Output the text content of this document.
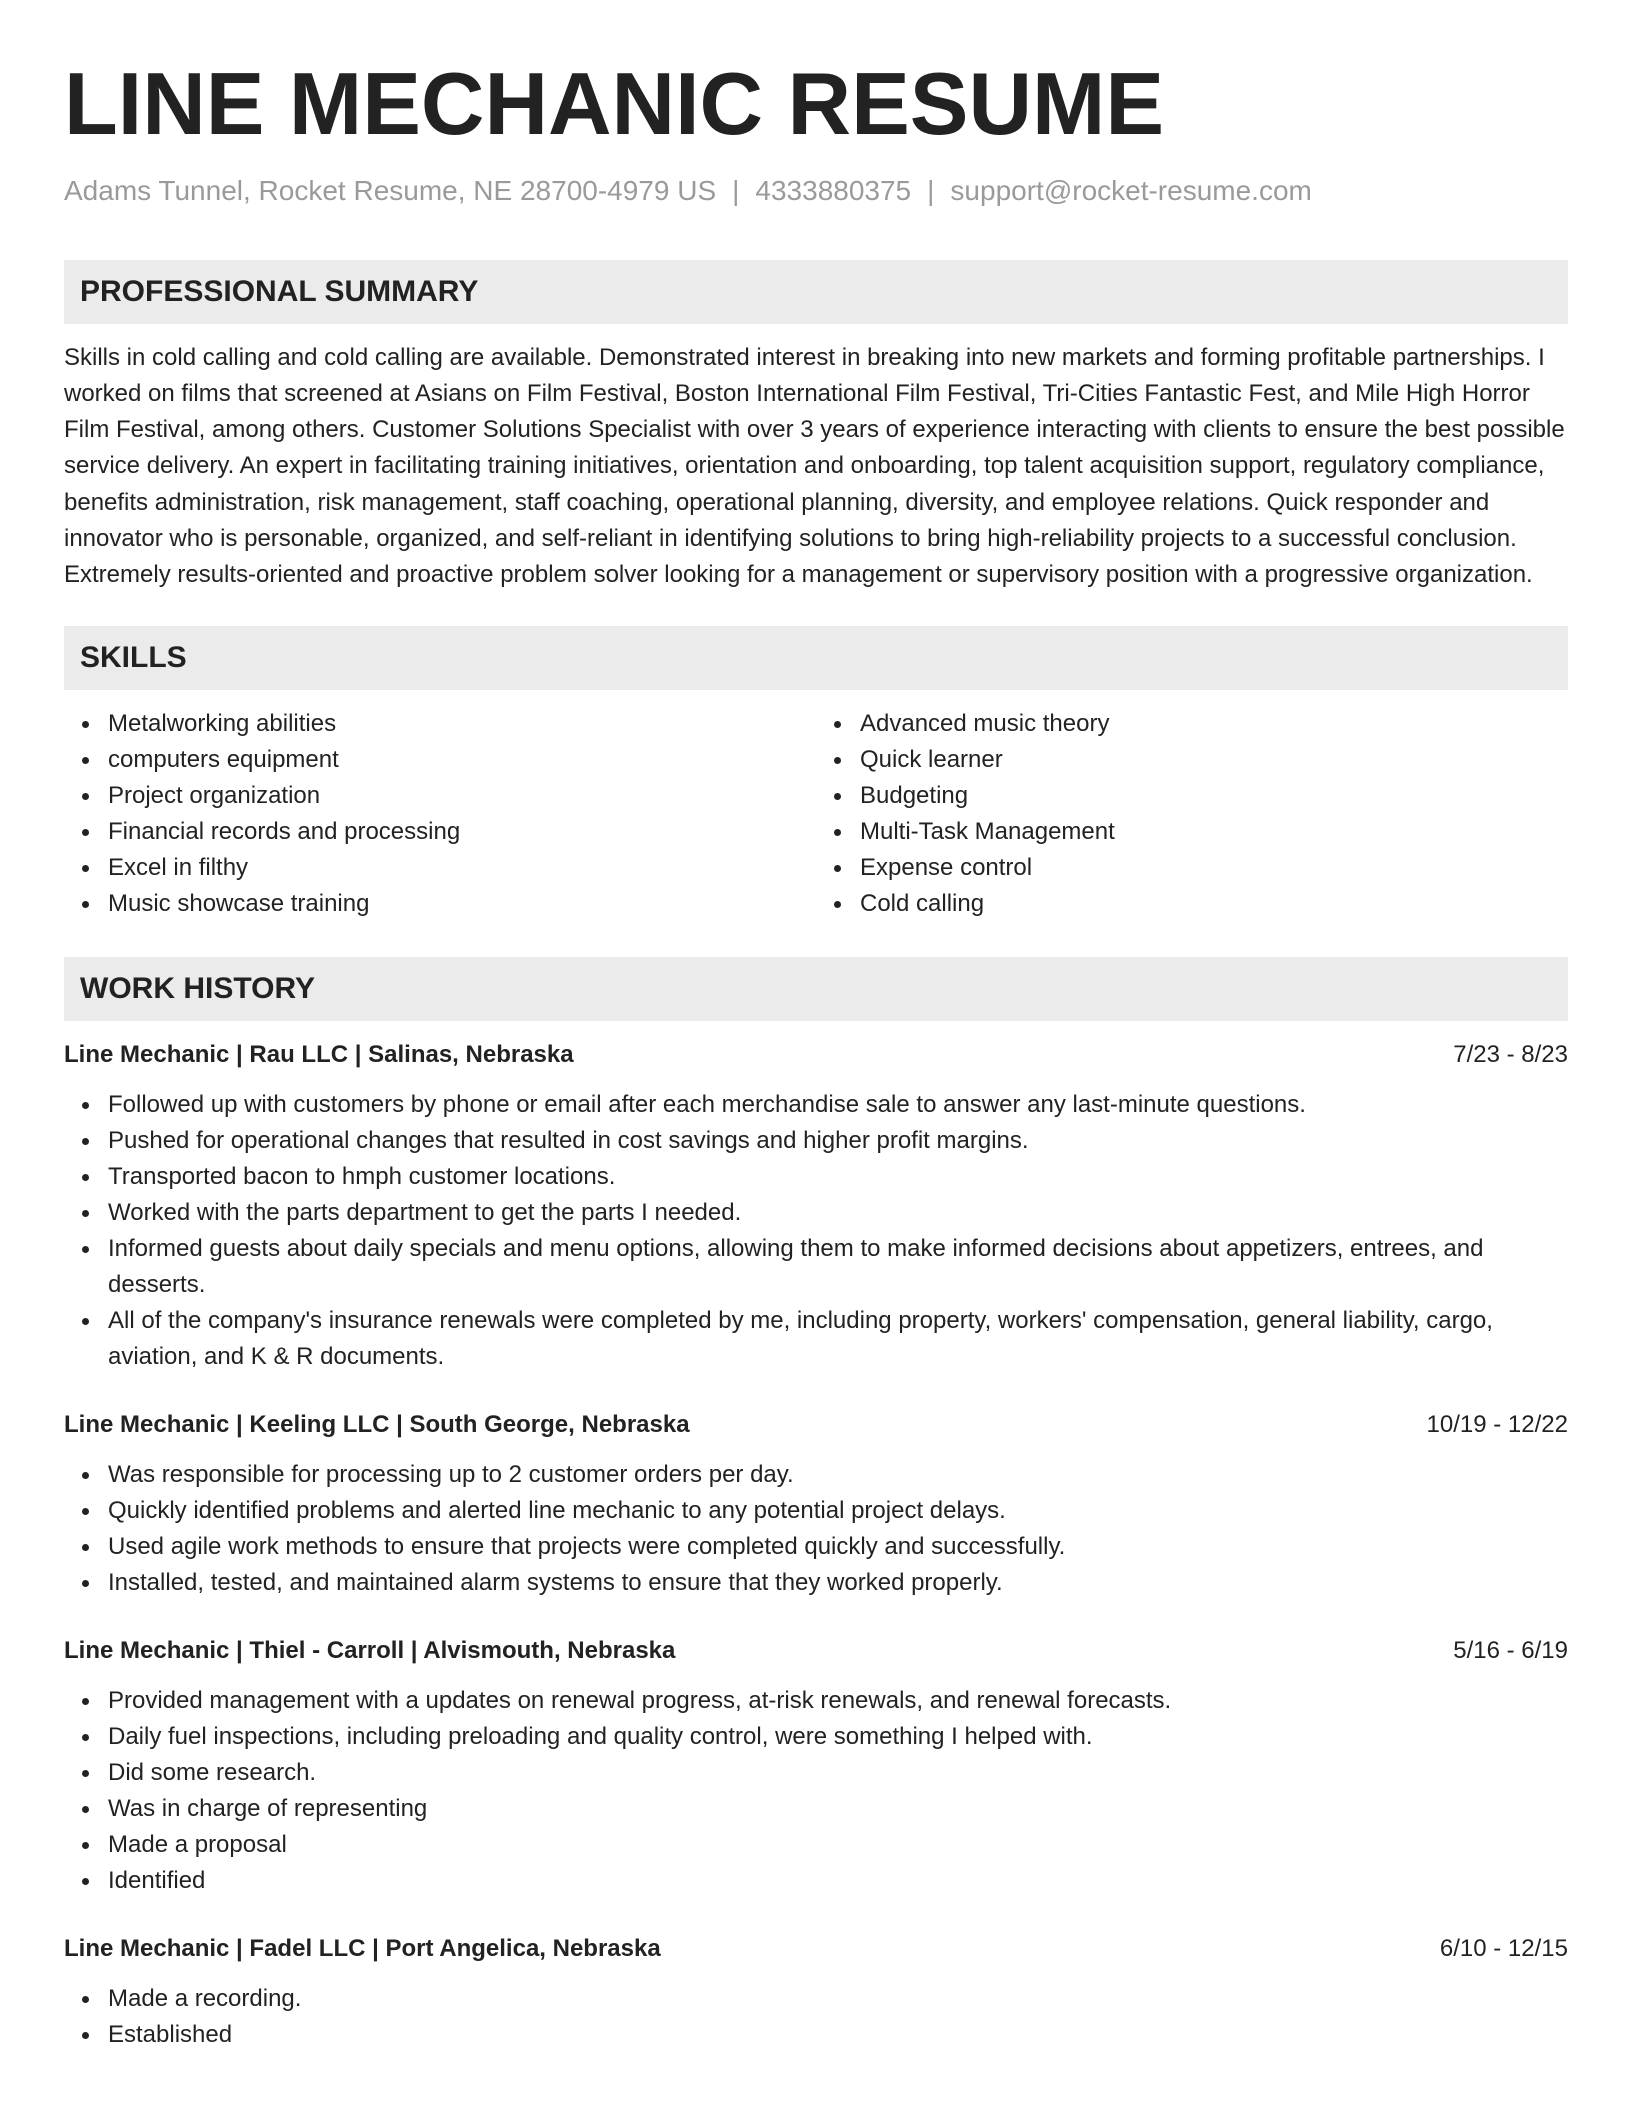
LINE MECHANIC RESUME
Adams Tunnel, Rocket Resume, NE 28700-4979 US | 4333880375 | support@rocket-resume.com
PROFESSIONAL SUMMARY

Skills in cold calling and cold calling are available. Demonstrated interest in breaking into new markets and forming profitable partnerships. I worked on films that screened at Asians on Film Festival, Boston International Film Festival, Tri-Cities Fantastic Fest, and Mile High Horror Film Festival, among others. Customer Solutions Specialist with over 3 years of experience interacting with clients to ensure the best possible service delivery. An expert in facilitating training initiatives, orientation and onboarding, top talent acquisition support, regulatory compliance, benefits administration, risk management, staff coaching, operational planning, diversity, and employee relations. Quick responder and innovator who is personable, organized, and self-reliant in identifying solutions to bring high-reliability projects to a successful conclusion. Extremely results-oriented and proactive problem solver looking for a management or supervisory position with a progressive organization.

SKILLS
Metalworking abilities
computers equipment
Project organization
Financial records and processing
Excel in filthy
Music showcase training
Advanced music theory
Quick learner
Budgeting
Multi-Task Management
Expense control
Cold calling
WORK HISTORY
Line Mechanic | Rau LLC | Salinas, Nebraska	7/23 - 8/23
Followed up with customers by phone or email after each merchandise sale to answer any last-minute questions.
Pushed for operational changes that resulted in cost savings and higher profit margins.
Transported bacon to hmph customer locations.
Worked with the parts department to get the parts I needed.
Informed guests about daily specials and menu options, allowing them to make informed decisions about appetizers, entrees, and desserts.
All of the company's insurance renewals were completed by me, including property, workers' compensation, general liability, cargo, aviation, and K & R documents.
Line Mechanic | Keeling LLC | South George, Nebraska	10/19 - 12/22
Was responsible for processing up to 2 customer orders per day.
Quickly identified problems and alerted line mechanic to any potential project delays.
Used agile work methods to ensure that projects were completed quickly and successfully.
Installed, tested, and maintained alarm systems to ensure that they worked properly.
Line Mechanic | Thiel - Carroll | Alvismouth, Nebraska	5/16 - 6/19
Provided management with a updates on renewal progress, at-risk renewals, and renewal forecasts.
Daily fuel inspections, including preloading and quality control, were something I helped with.
Did some research.
Was in charge of representing
Made a proposal
Identified
Line Mechanic | Fadel LLC | Port Angelica, Nebraska	6/10 - 12/15
Made a recording.
Established
